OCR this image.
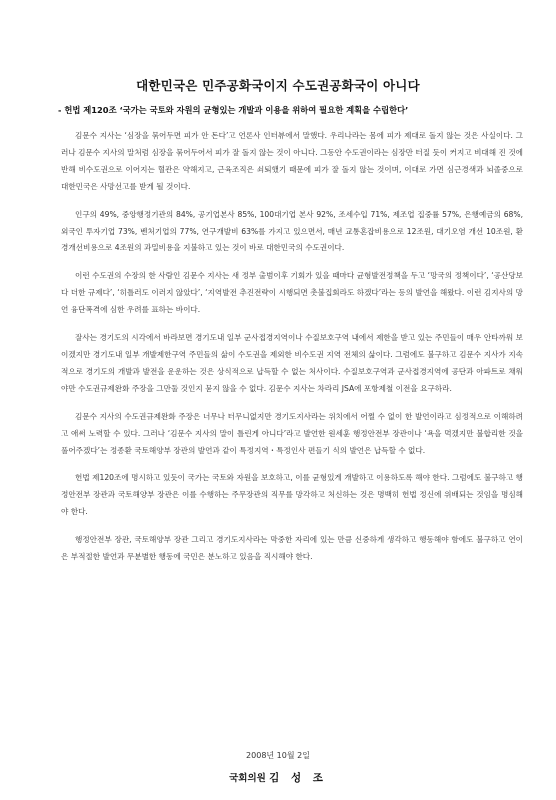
대한민국은 민주공화국이지 수도권공화국이 아니다
- 헌법 제120조 ‘국가는 국토와 자원의 균형있는 개발과 이용을 위하여 필요한 계획을 수립한다’

김문수 지사는 ‘심장을 묶어두면 피가 안 돈다’고 언론사 인터뷰에서 말했다. 우리나라는 몸에 피가 제대로 돌지 않는 것은 사실이다. 그러나 김문수 지사의 말처럼 심장을 묶어두어서 피가 잘 돌지 않는 것이 아니다. 그동안 수도권이라는 심장만 터질 듯이 커지고 비대해 진 것에 반해 비수도권으로 이어지는 혈관은 약해지고, 근육조직은 쇠퇴했기 때문에 피가 잘 돌지 않는 것이며, 이대로 가면 심근경색과 뇌졸중으로 대한민국은 사망선고를 받게 될 것이다.

인구의 49%, 중앙행정기관의 84%, 공기업본사 85%, 100대기업 본사 92%, 조세수입 71%, 제조업 집중률 57%, 은행예금의 68%, 외국인 투자기업 73%, 벤처기업의 77%, 연구개발비 63%를 가지고 있으면서, 매년 교통혼잡비용으로 12조원, 대기오염 개선 10조원, 환경개선비용으로 4조원의 과밀비용을 지불하고 있는 것이 바로 대한민국의 수도권이다.

이런 수도권의 수장의 한 사람인 김문수 지사는 새 정부 출범이후 기회가 있을 때마다 균형발전정책을 두고 ‘망국의 정책이다’, ‘공산당보다 더한 규제다’, ‘히틀러도 이러지 않았다’, ‘지역발전 추진전략이 시행되면 촛불집회라도 하겠다’라는 등의 발언을 해왔다. 이런 김지사의 망언 융단폭격에 심한 우려를 표하는 바이다.

잘사는 경기도의 시각에서 바라보면 경기도내 일부 군사접경지역이나 수질보호구역 내에서 제한을 받고 있는 주민들이 매우 안타까워 보이겠지만 경기도내 일부 개발제한구역 주민들의 삶이 수도권을 제외한 비수도권 지역 전체의 삶이다. 그럼에도 불구하고 김문수 지사가 지속적으로 경기도의 개발과 발전을 운운하는 것은 상식적으로 납득할 수 없는 처사이다. 수질보호구역과 군사접경지역에 공단과 아파트로 채워야만 수도권규제완화 주장을 그만둘 것인지 묻지 않을 수 없다. 김문수 지사는 차라리 JSA에 포항제철 이전을 요구하라.

김문수 지사의 수도권규제완화 주장은 너무나 터무니없지만 경기도지사라는 위치에서 어쩔 수 없이 한 발언이라고 심정적으로 이해하려고 애써 노력할 수 있다. 그러나 ‘김문수 지사의 말이 틀린게 아니다’라고 발언한 원세훈 행정안전부 장관이나 ‘욕을 먹겠지만 불합리한 것을 풀어주겠다’는 정종환 국토해양부 장관의 발언과 같이 특정지역・특정인사 편들기 식의 발언은 납득할 수 없다.

헌법 제120조에 명시하고 있듯이 국가는 국토와 자원을 보호하고, 이를 균형있게 개발하고 이용하도록 해야 한다. 그럼에도 불구하고 행정안전부 장관과 국토해양부 장관은 이를 수행하는 주무장관의 직무를 망각하고 처신하는 것은 명백히 헌법 정신에 위배되는 것임을 명심해야 한다.

행정안전부 장관, 국토해양부 장관 그리고 경기도지사라는 막중한 자리에 있는 만큼 신중하게 생각하고 행동해야 함에도 불구하고 연이은 부적절한 발언과 무분별한 행동에 국민은 분노하고 있음을 직시해야 한다.

2008년 10월 2일
국회의원 김 성 조
